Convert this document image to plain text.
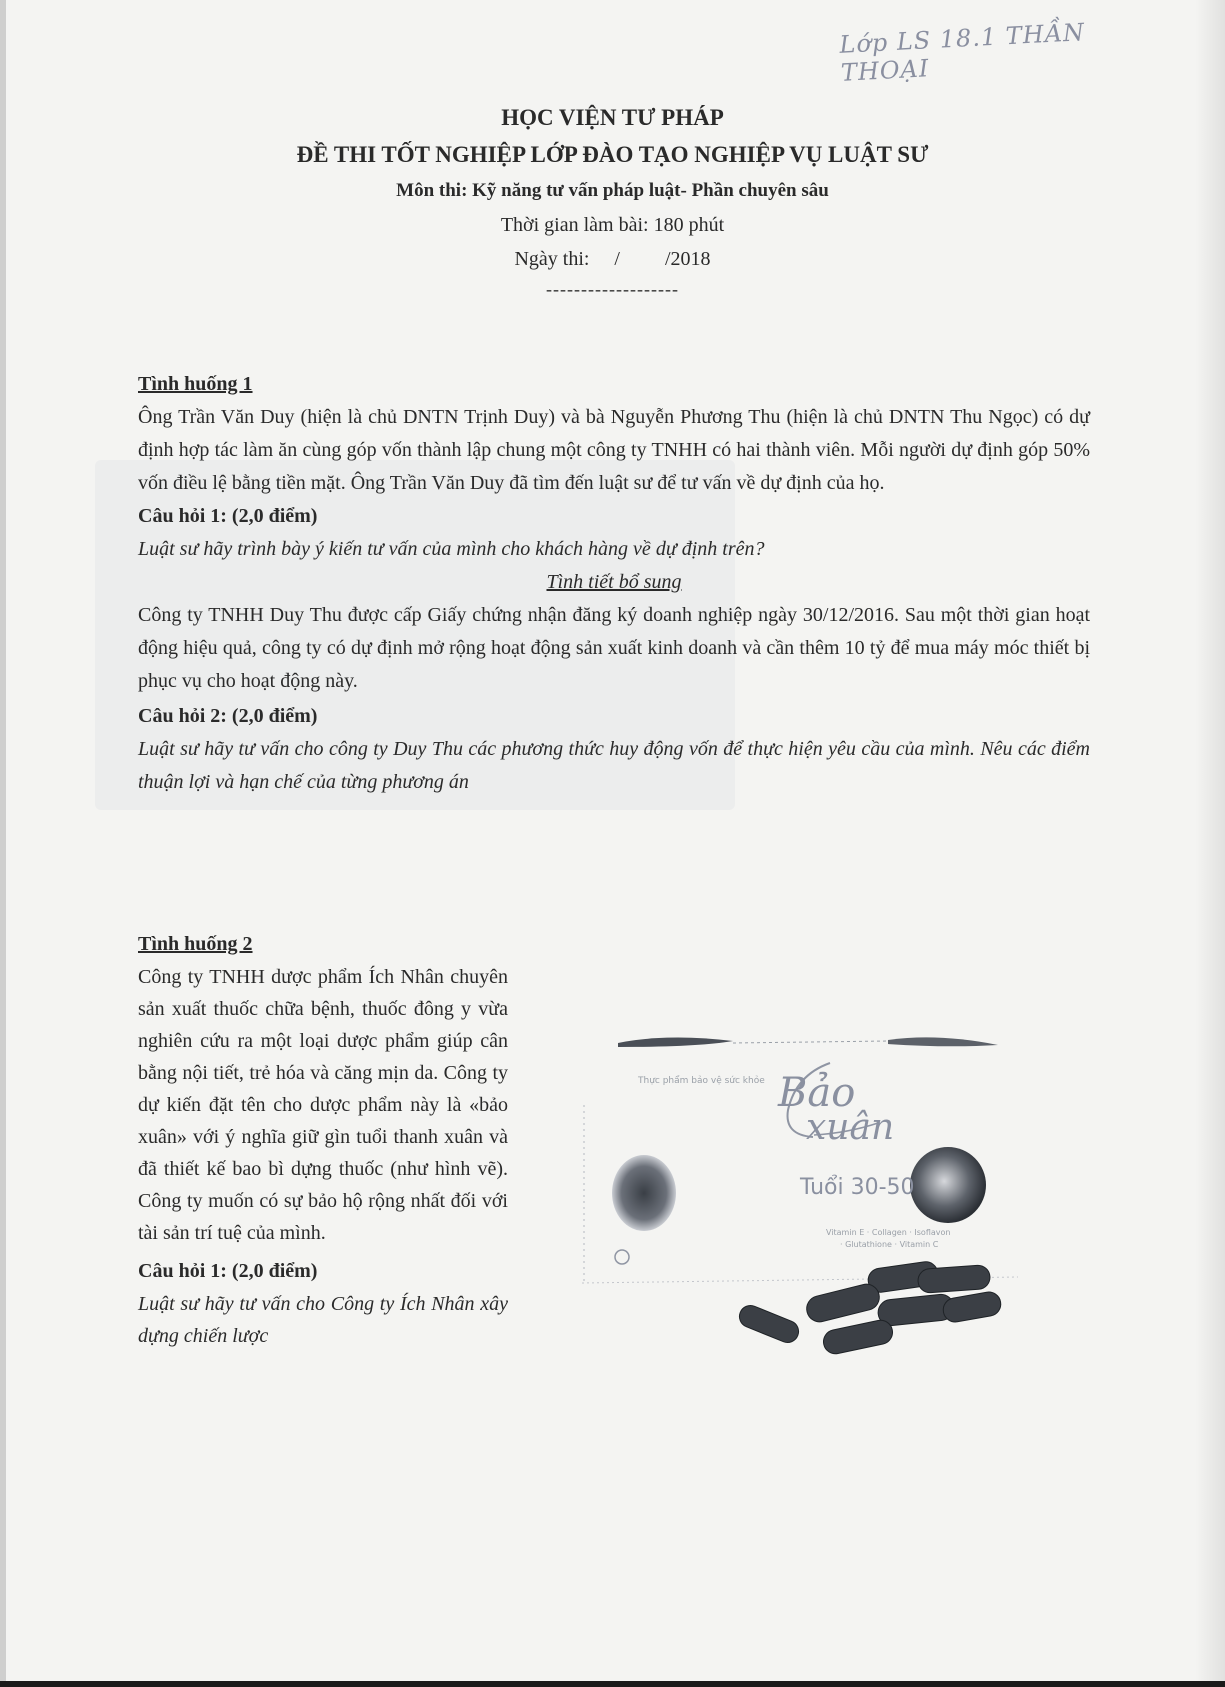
Lớp LS 18.1 THẦN THOẠI

HỌC VIỆN TƯ PHÁP

ĐỀ THI TỐT NGHIỆP LỚP ĐÀO TẠO NGHIỆP VỤ LUẬT SƯ

Môn thi: Kỹ năng tư vấn pháp luật- Phần chuyên sâu

Thời gian làm bài: 180 phút

Ngày thi:     /         /2018

-------------------

Tình huống 1

Ông Trần Văn Duy (hiện là chủ DNTN Trịnh Duy) và bà Nguyễn Phương Thu (hiện là chủ DNTN Thu Ngọc) có dự định hợp tác làm ăn cùng góp vốn thành lập chung một công ty TNHH có hai thành viên. Mỗi người dự định góp 50% vốn điều lệ bằng tiền mặt. Ông Trần Văn Duy đã tìm đến luật sư để tư vấn về dự định của họ.

Câu hỏi 1: (2,0 điểm)

Luật sư hãy trình bày ý kiến tư vấn của mình cho khách hàng về dự định trên?

Tình tiết bổ sung

Công ty TNHH Duy Thu được cấp Giấy chứng nhận đăng ký doanh nghiệp ngày 30/12/2016. Sau một thời gian hoạt động hiệu quả, công ty có dự định mở rộng hoạt động sản xuất kinh doanh và cần thêm 10 tỷ để mua máy móc thiết bị phục vụ cho hoạt động này.

Câu hỏi 2: (2,0 điểm)

Luật sư hãy tư vấn cho công ty Duy Thu các phương thức huy động vốn để thực hiện yêu cầu của mình. Nêu các điểm thuận lợi và hạn chế của từng phương án

Tình huống 2

Công ty TNHH dược phẩm Ích Nhân chuyên sản xuất thuốc chữa bệnh, thuốc đông y vừa nghiên cứu ra một loại dược phẩm giúp cân bằng nội tiết, trẻ hóa và căng mịn da. Công ty dự kiến đặt tên cho dược phẩm này là «bảo xuân» với ý nghĩa giữ gìn tuổi thanh xuân và đã thiết kế bao bì dựng thuốc (như hình vẽ). Công ty muốn có sự bảo hộ rộng nhất đối với tài sản trí tuệ của mình.

Câu hỏi 1: (2,0 điểm)

Luật sư hãy tư vấn cho Công ty Ích Nhân xây dựng chiến lược

Thực phẩm bảo vệ sức khỏe
Vitamin E · Collagen · Isoflavon
· Glutathione · Vitamin C
Bảo
xuân
Tuổi 30-50
